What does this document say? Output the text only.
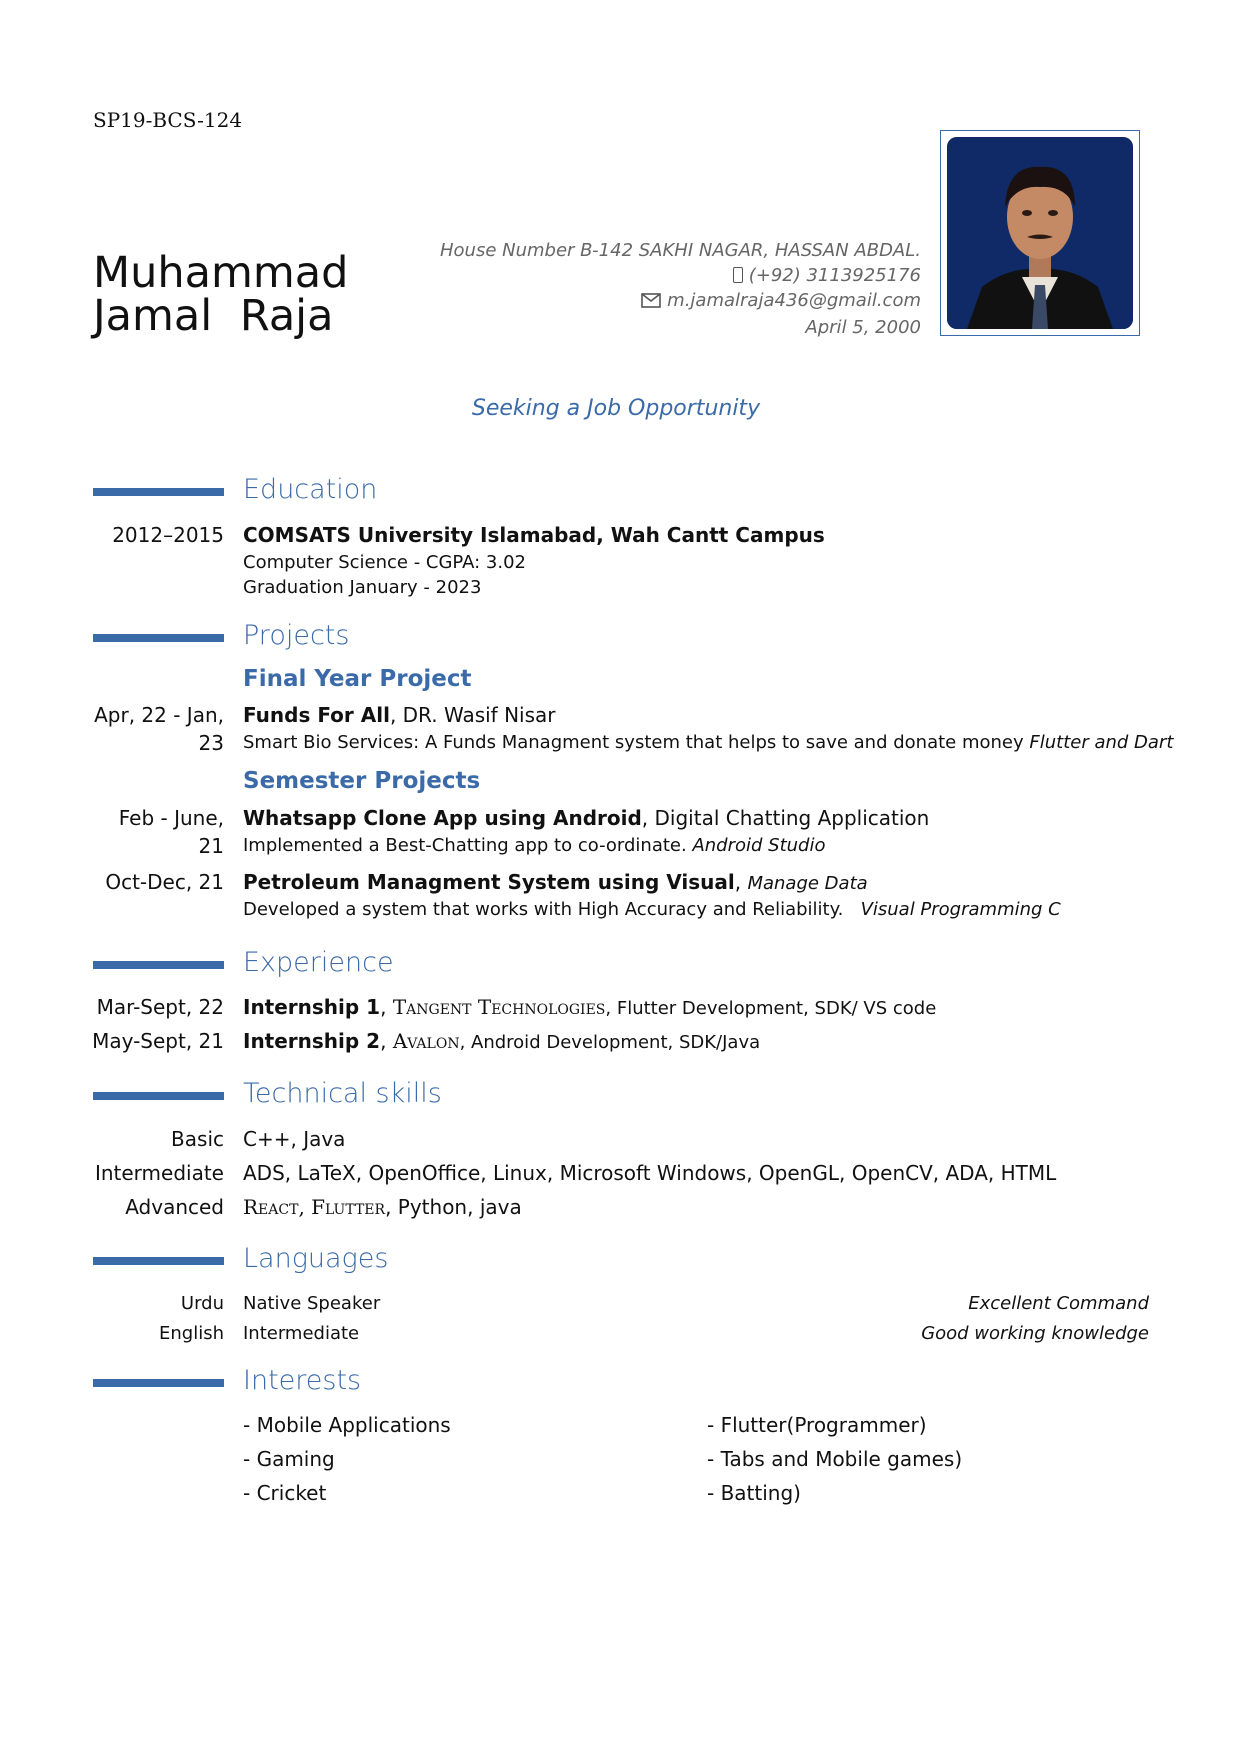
SP19-BCS-124
Muhammad
Jamal Raja
House Number B-142 SAKHI NAGAR, HASSAN ABDAL.
(+92) 3113925176
m.jamalraja436@gmail.com
April 5, 2000
Seeking a Job Opportunity
Education
2012–2015 COMSATS University Islamabad, Wah Cantt Campus
Computer Science - CGPA: 3.02
Graduation January - 2023
Projects
Final Year Project
Apr, 22 - Jan,
23
Funds For All, DR. Wasif Nisar
Smart Bio Services: A Funds Managment system that helps to save and donate money Flutter and Dart
Semester Projects
Feb - June,
21
Whatsapp Clone App using Android, Digital Chatting Application
Implemented a Best-Chatting app to co-ordinate. Android Studio
Oct-Dec, 21 Petroleum Managment System using Visual, Manage Data
Developed a system that works with High Accuracy and Reliability. Visual Programming C
Experience
Mar-Sept, 22 Internship 1, Tangent Technologies, Flutter Development, SDK/ VS code
May-Sept, 21 Internship 2, Avalon, Android Development, SDK/Java
Technical skills
Basic C++, Java
Intermediate ADS, LaTeX, OpenOffice, Linux, Microsoft Windows, OpenGL, OpenCV, ADA, HTML
Advanced React, Flutter, Python, java
Languages
Urdu Native Speaker	Excellent Command
English Intermediate	Good working knowledge
Interests
- Mobile Applications
- Gaming
- Cricket
- Flutter(Programmer)
- Tabs and Mobile games)
- Batting)
